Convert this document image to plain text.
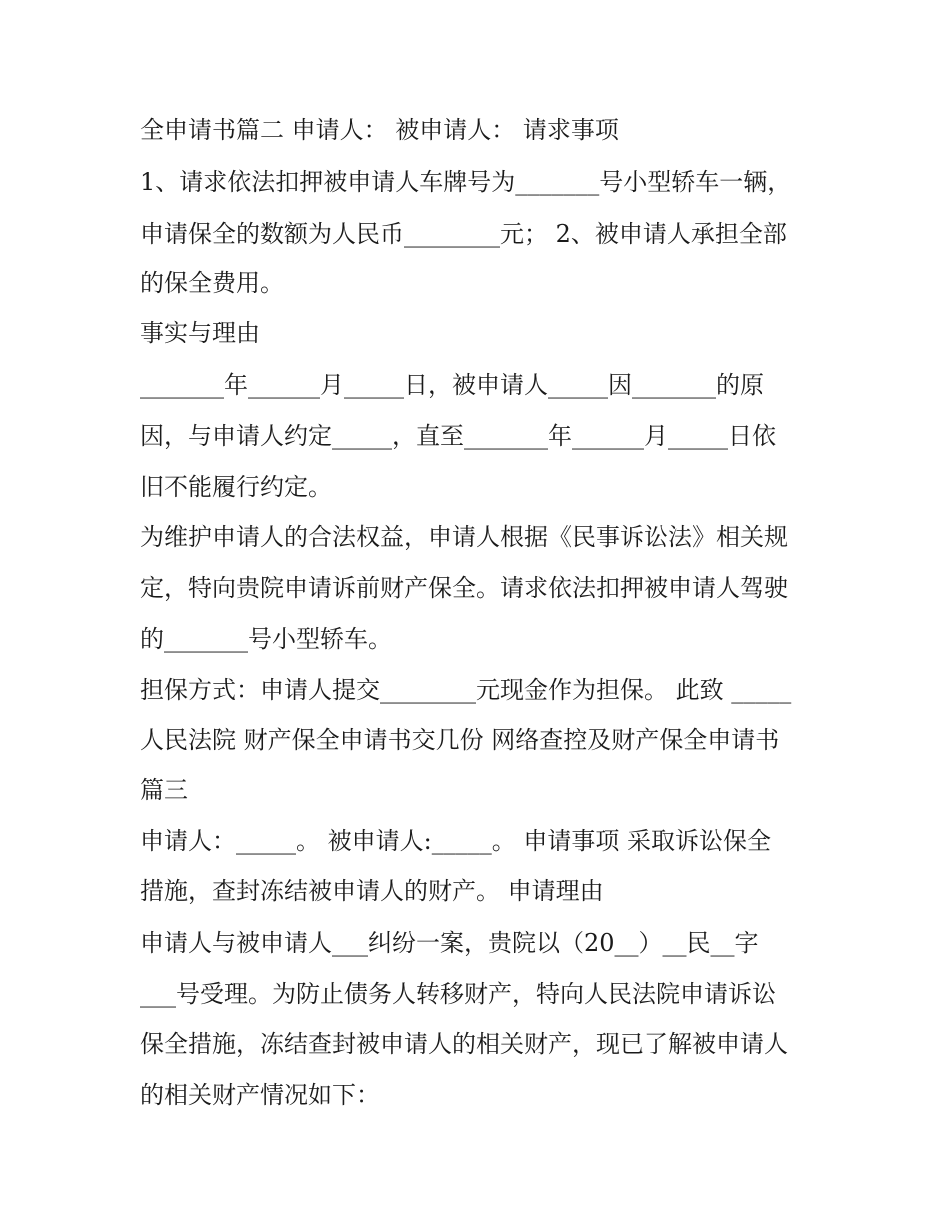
全申请书篇二 申请人： 被申请人： 请求事项
1、请求依法扣押被申请人车牌号为_______号小型轿车一辆，
申请保全的数额为人民币________元； 2、被申请人承担全部
的保全费用。
事实与理由
_______年______月_____日，被申请人_____因_______的原
因，与申请人约定_____，直至_______年______月_____日依
旧不能履行约定。
为维护申请人的合法权益，申请人根据《民事诉讼法》相关规
定，特向贵院申请诉前财产保全。请求依法扣押被申请人驾驶
的_______号小型轿车。
担保方式：申请人提交________元现金作为担保。 此致 _____
人民法院 财产保全申请书交几份 网络查控及财产保全申请书
篇三
申请人：_____。 被申请人:_____。 申请事项 采取诉讼保全
措施，查封冻结被申请人的财产。 申请理由
申请人与被申请人___纠纷一案，贵院以（20__）__民__字
___号受理。为防止债务人转移财产，特向人民法院申请诉讼
保全措施，冻结查封被申请人的相关财产，现已了解被申请人
的相关财产情况如下：
